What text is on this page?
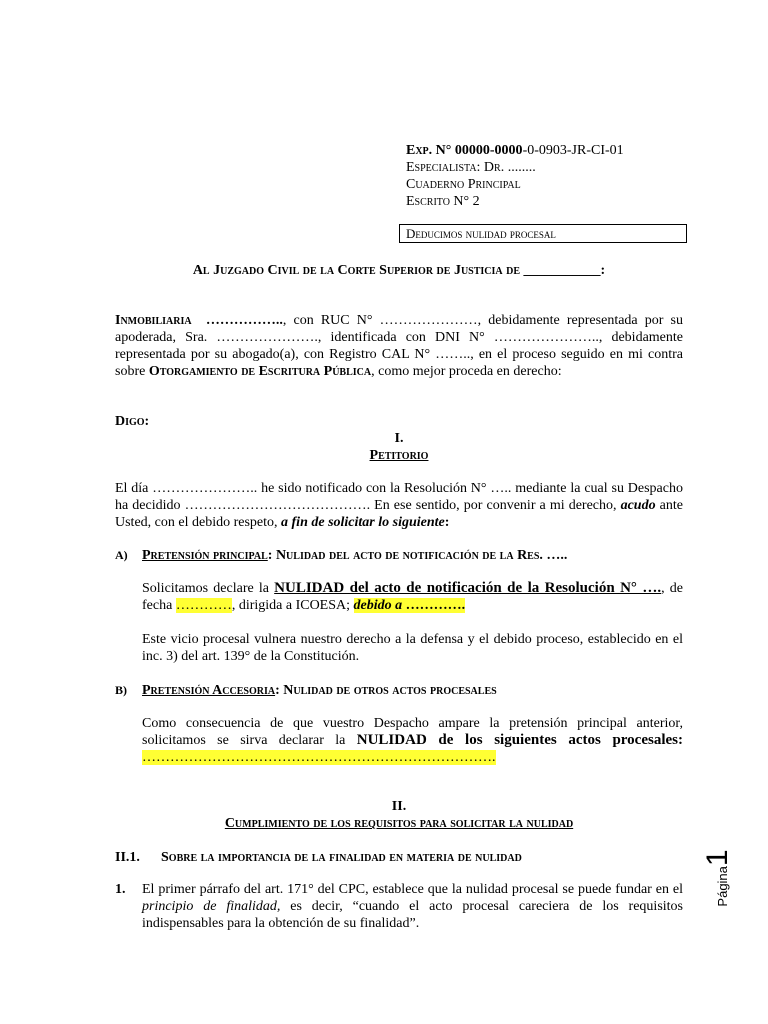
Exp. N° 00000-0000-0-0903-JR-CI-01
Especialista: Dr. ........
Cuaderno Principal
Escrito N° 2
Deducimos nulidad procesal
Al Juzgado Civil de la Corte Superior de Justicia de ___________:
Inmobiliaria …………….., con RUC N° …………………, debidamente representada por su apoderada, Sra. …………………., identificada con DNI N° ………………….., debidamente representada por su abogado(a), con Registro CAL N° …….., en el proceso seguido en mi contra sobre Otorgamiento de Escritura Pública, como mejor proceda en derecho:
Digo:
I.
Petitorio
El día ………………….. he sido notificado con la Resolución N° ….. mediante la cual su Despacho ha decidido …………………………………. En ese sentido, por convenir a mi derecho, acudo ante Usted, con el debido respeto, a fin de solicitar lo siguiente:
A) Pretensión principal: Nulidad del acto de notificación de la Res. …..
Solicitamos declare la NULIDAD del acto de notificación de la Resolución N° …., de fecha …………, dirigida a ICOESA; debido a ………….
Este vicio procesal vulnera nuestro derecho a la defensa y el debido proceso, establecido en el inc. 3) del art. 139° de la Constitución.
B) Pretensión Accesoria: Nulidad de otros actos procesales
Como consecuencia de que vuestro Despacho ampare la pretensión principal anterior, solicitamos se sirva declarar la NULIDAD de los siguientes actos procesales: ………………………………………………………………….
II.
Cumplimiento de los requisitos para solicitar la nulidad
II.1. Sobre la importancia de la finalidad en materia de nulidad
1. El primer párrafo del art. 171° del CPC, establece que la nulidad procesal se puede fundar en el principio de finalidad, es decir, “cuando el acto procesal careciera de los requisitos indispensables para la obtención de su finalidad”.
Página1
